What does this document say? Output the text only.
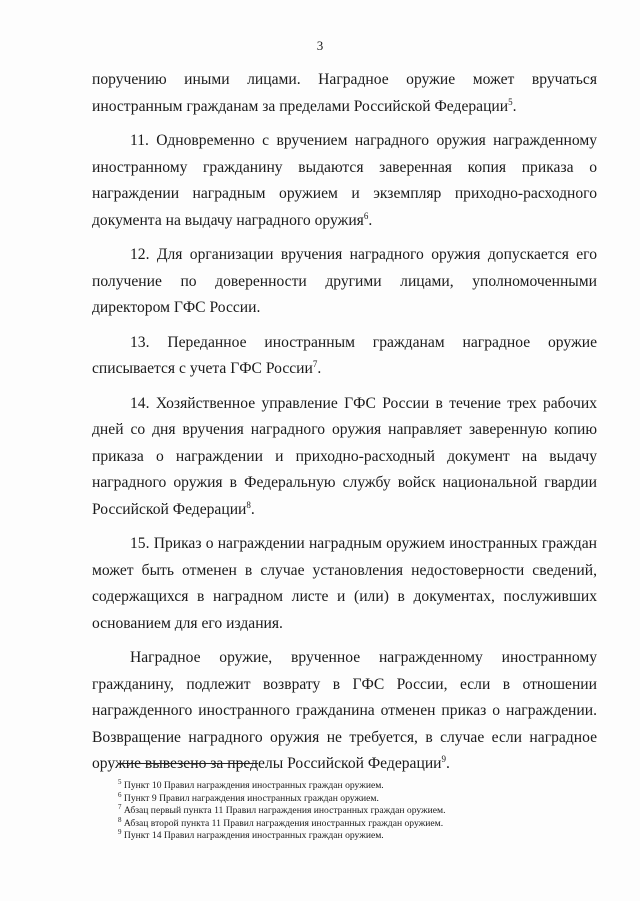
3

поручению иными лицами. Наградное оружие может вручаться иностранным гражданам за пределами Российской Федерации$^5$.

11. Одновременно с вручением наградного оружия награжденному иностранному гражданину выдаются заверенная копия приказа о награждении наградным оружием и экземпляр приходно-расходного документа на выдачу наградного оружия$^6$.

12. Для организации вручения наградного оружия допускается его получение по доверенности другими лицами, уполномоченными директором ГФС России.

13. Переданное иностранным гражданам наградное оружие списывается с учета ГФС России$^7$.

14. Хозяйственное управление ГФС России в течение трех рабочих дней со дня вручения наградного оружия направляет заверенную копию приказа о награждении и приходно-расходный документ на выдачу наградного оружия в Федеральную службу войск национальной гвардии Российской Федерации$^8$.

15. Приказ о награждении наградным оружием иностранных граждан может быть отменен в случае установления недостоверности сведений, содержащихся в наградном листе и (или) в документах, послуживших основанием для его издания.

Наградное оружие, врученное награжденному иностранному гражданину, подлежит возврату в ГФС России, если в отношении награжденного иностранного гражданина отменен приказ о награждении. Возвращение наградного оружия не требуется, в случае если наградное оружие вывезено за пределы Российской Федерации$^9$.

$^5$ Пункт 10 Правил награждения иностранных граждан оружием.
$^6$ Пункт 9 Правил награждения иностранных граждан оружием.
$^7$ Абзац первый пункта 11 Правил награждения иностранных граждан оружием.
$^8$ Абзац второй пункта 11 Правил награждения иностранных граждан оружием.
$^9$ Пункт 14 Правил награждения иностранных граждан оружием.
